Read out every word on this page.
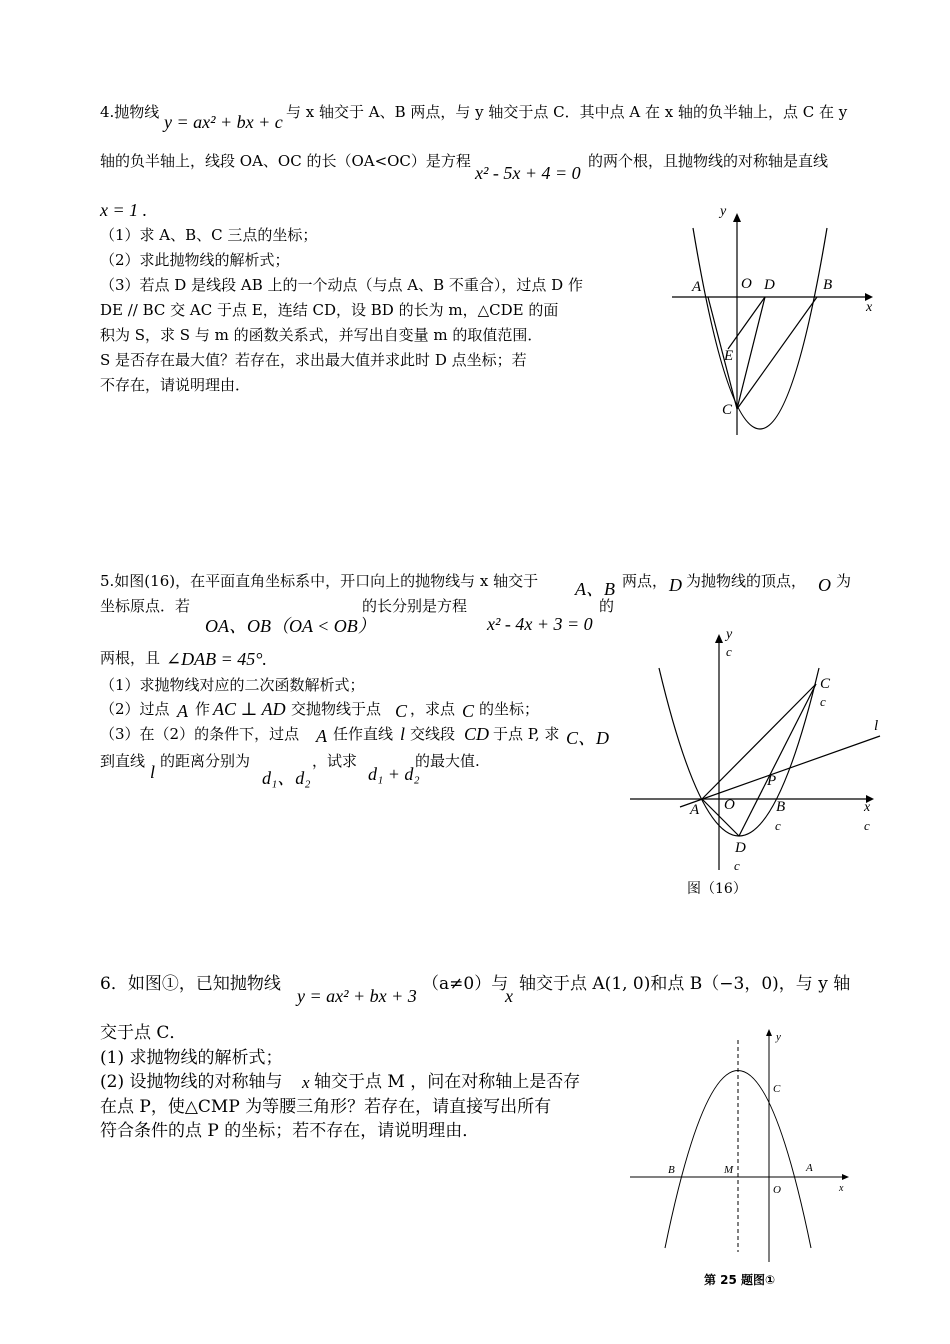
4.抛物线 y = ax² + bx + c 与 x 轴交于 A、B 两点，与 y 轴交于点 C．其中点 A 在 x 轴的负半轴上，点 C 在 y
轴的负半轴上，线段 OA、OC 的长（OA<OC）是方程
x² - 5x + 4 = 0
的两个根，且抛物线的对称轴是直线
x = 1 .
（1）求 A、B、C 三点的坐标；
（2）求此抛物线的解析式；
（3）若点 D 是线段 AB 上的一个动点（与点 A、B 不重合），过点 D 作
DE // BC 交 AC 于点 E，连结 CD，设 BD 的长为 m，△CDE 的面
积为 S，求 S 与 m 的函数关系式，并写出自变量 m 的取值范围．
S 是否存在最大值？若存在，求出最大值并求此时 D 点坐标；若
不存在，请说明理由．
y
x
A	O D	B
E
C
5.如图(16)，在平面直角坐标系中，开口向上的抛物线与 x 轴交于 A、B 两点， D 为抛物线的顶点， O 为
坐标原点．若	的长分别是方程	的
OA、OB（OA < OB）	x² - 4x + 3 = 0
两根，且 ∠DAB = 45°.
（1）求抛物线对应的二次函数解析式；
（2）过点 A 作 AC ⊥ AD 交抛物线于点 C ，求点 C 的坐标；
（3）在（2）的条件下，过点 A 任作直线 l 交线段 CD 于点 P, 求 C、D
到直线
l
的距离分别为
d₁、d₂
，试求
d₁ + d₂
的最大值.
y
c
C
c
l
P
A O	B
c
x
c
D
c
图（16）
6．如图①，已知抛物线
y = ax² + bx + 3
（a≠0）与
x
轴交于点 A(1, 0)和点 B（−3，0)，与 y 轴
交于点 C．
(1) 求抛物线的解析式；
(2) 设抛物线的对称轴与 x 轴交于点 M ，问在对称轴上是否存
在点 P，使△CMP 为等腰三角形？若存在，请直接写出所有
符合条件的点 P 的坐标；若不存在，请说明理由．
y
C
B	M	A
O	x
第 25 题图①
